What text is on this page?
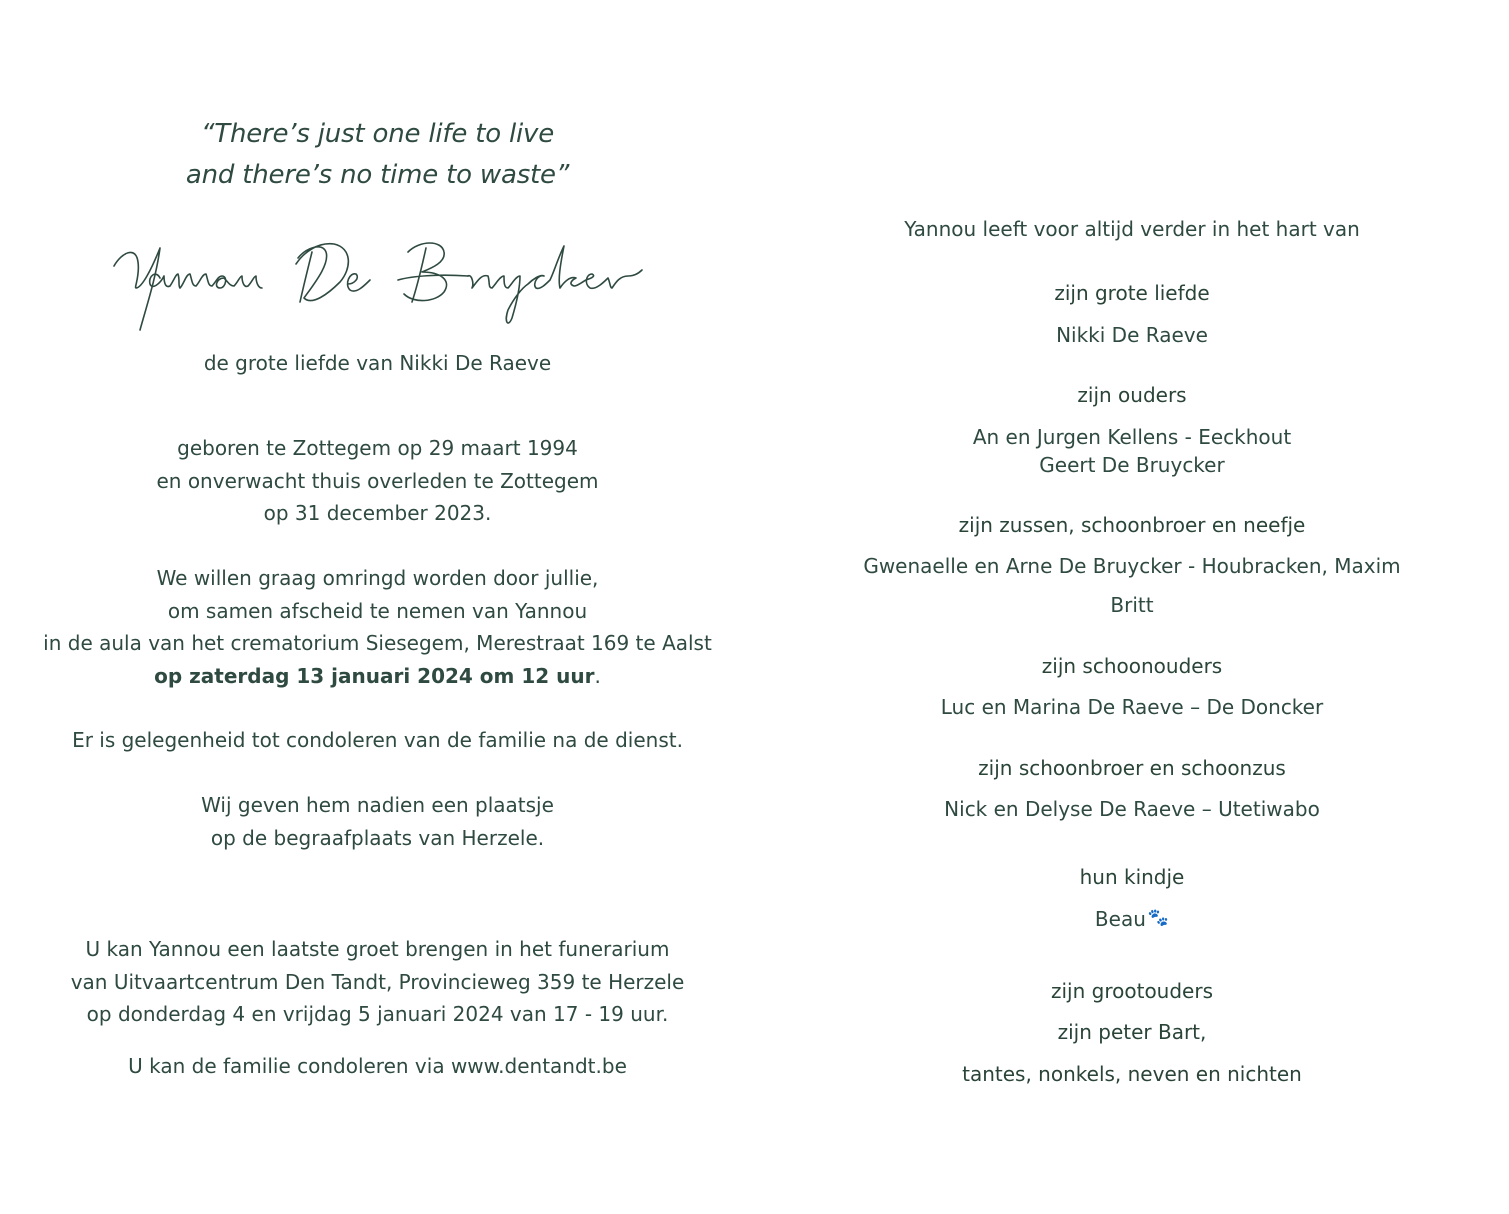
“There’s just one life to live
and there’s no time to waste”
de grote liefde van Nikki De Raeve
geboren te Zottegem op 29 maart 1994
en onverwacht thuis overleden te Zottegem
op 31 december 2023.
We willen graag omringd worden door jullie,
om samen afscheid te nemen van Yannou
in de aula van het crematorium Siesegem, Merestraat 169 te Aalst
op zaterdag 13 januari 2024 om 12 uur.
Er is gelegenheid tot condoleren van de familie na de dienst.
Wij geven hem nadien een plaatsje
op de begraafplaats van Herzele.
U kan Yannou een laatste groet brengen in het funerarium
van Uitvaartcentrum Den Tandt, Provincieweg 359 te Herzele
op donderdag 4 en vrijdag 5 januari 2024 van 17 - 19 uur.
U kan de familie condoleren via www.dentandt.be
Yannou leeft voor altijd verder in het hart van
zijn grote liefde
Nikki De Raeve
zijn ouders
An en Jurgen Kellens - Eeckhout
Geert De Bruycker
zijn zussen, schoonbroer en neefje
Gwenaelle en Arne De Bruycker - Houbracken, Maxim
Britt
zijn schoonouders
Luc en Marina De Raeve – De Doncker
zijn schoonbroer en schoonzus
Nick en Delyse De Raeve – Utetiwabo
hun kindje
Beau 🐾
zijn grootouders
zijn peter Bart,
tantes, nonkels, neven en nichten
